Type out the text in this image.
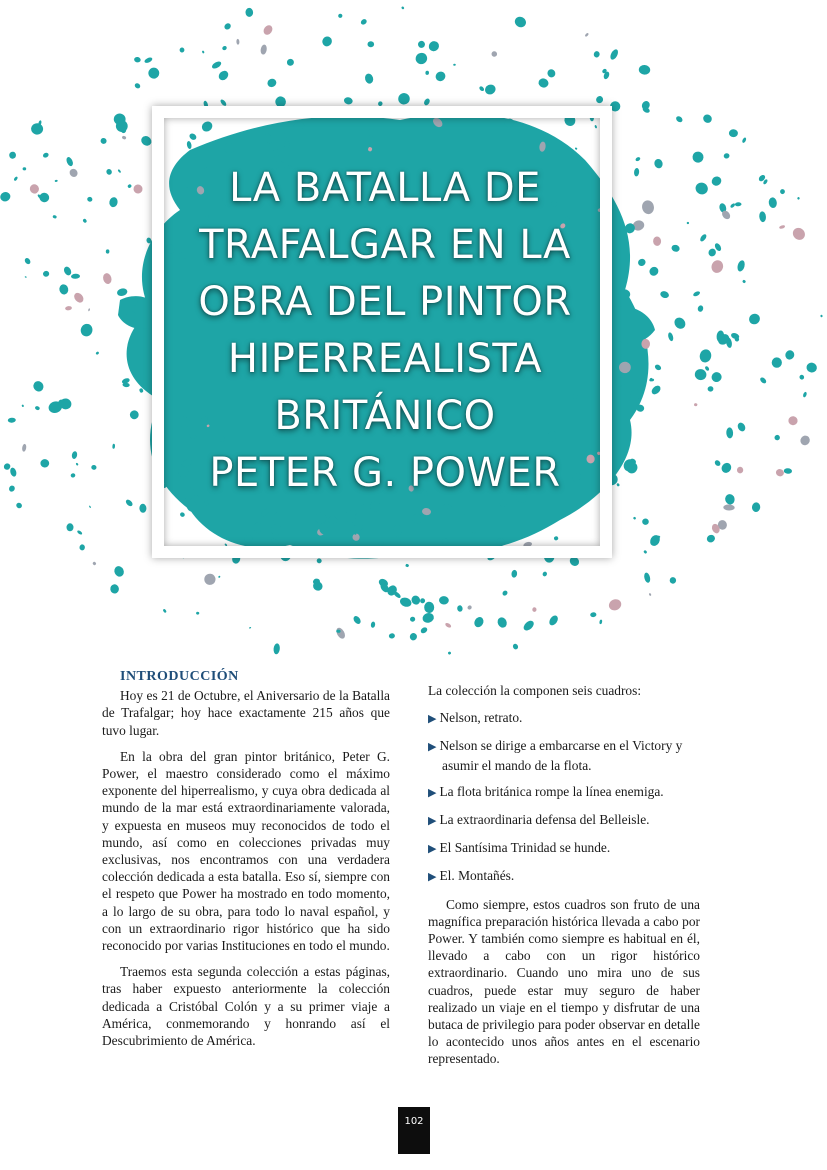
LA BATALLA DE
TRAFALGAR EN LA
OBRA DEL PINTOR
HIPERREALISTA
BRITÁNICO
PETER G. POWER
INTRODUCCIÓN

Hoy es 21 de Octubre, el Aniversario de la Batalla de Trafalgar; hoy hace exactamente 215 años que tuvo lugar.

En la obra del gran pintor británico, Peter G. Power, el maestro considerado como el máximo exponente del hiperrealismo, y cuya obra dedicada al mundo de la mar está extraordinariamente valorada, y expuesta en museos muy reconocidos de todo el mundo, así como en colecciones privadas muy exclusivas, nos encontramos con una verdadera colección dedicada a esta batalla. Eso sí, siempre con el respeto que Power ha mostrado en todo momento, a lo largo de su obra, para todo lo naval español, y con un extraordinario rigor histórico que ha sido reconocido por varias Instituciones en todo el mundo.

Traemos esta segunda colección a estas páginas, tras haber expuesto anteriormente la colección dedicada a Cristóbal Colón y a su primer viaje a América, conmemorando y honrando así el Descubrimiento de América.

La colección la componen seis cuadros:

▶ Nelson, retrato.
▶ Nelson se dirige a embarcarse en el Victory y asumir el mando de la flota.
▶ La flota británica rompe la línea enemiga.
▶ La extraordinaria defensa del Belleisle.
▶ El Santísima Trinidad se hunde.
▶ El. Montañés.

Como siempre, estos cuadros son fruto de una magnífica preparación histórica llevada a cabo por Power. Y también como siempre es habitual en él, llevado a cabo con un rigor histórico extraordinario. Cuando uno mira uno de sus cuadros, puede estar muy seguro de haber realizado un viaje en el tiempo y disfrutar de una butaca de privilegio para poder observar en detalle lo acontecido unos años antes en el escenario representado.

102
